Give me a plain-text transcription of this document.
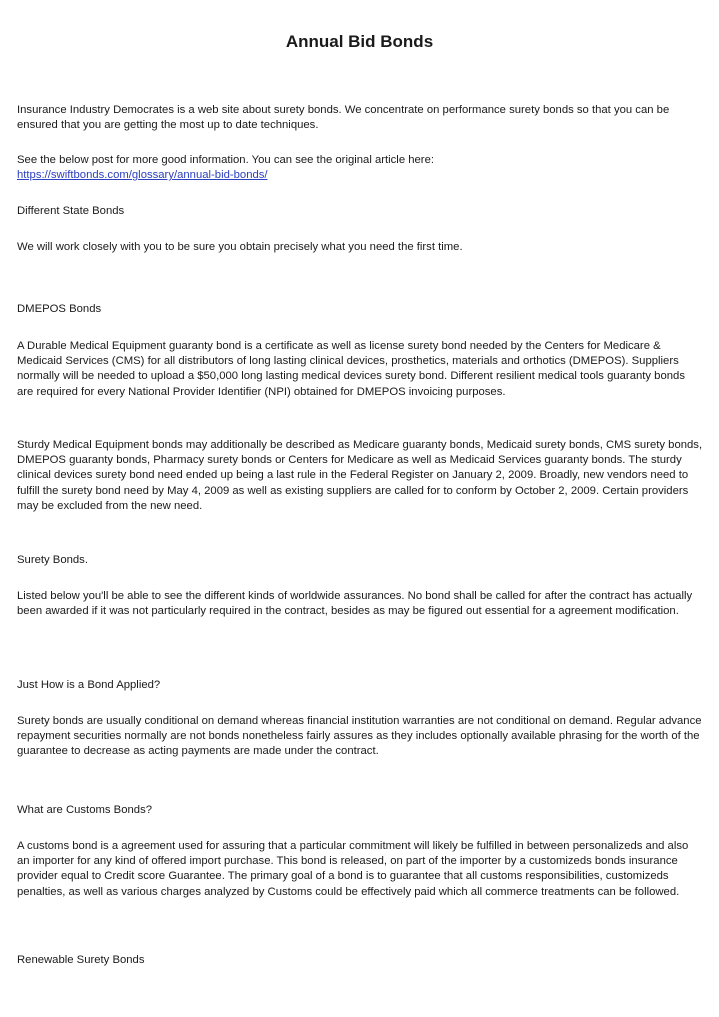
Annual Bid Bonds

Insurance Industry Democrates is a web site about surety bonds. We concentrate on performance surety bonds so that you can be ensured that you are getting the most up to date techniques.

See the below post for more good information. You can see the original article here:
https://swiftbonds.com/glossary/annual-bid-bonds/

Different State Bonds

We will work closely with you to be sure you obtain precisely what you need the first time.

DMEPOS Bonds

A Durable Medical Equipment guaranty bond is a certificate as well as license surety bond needed by the Centers for Medicare & Medicaid Services (CMS) for all distributors of long lasting clinical devices, prosthetics, materials and orthotics (DMEPOS). Suppliers normally will be needed to upload a $50,000 long lasting medical devices surety bond. Different resilient medical tools guaranty bonds are required for every National Provider Identifier (NPI) obtained for DMEPOS invoicing purposes.

Sturdy Medical Equipment bonds may additionally be described as Medicare guaranty bonds, Medicaid surety bonds, CMS surety bonds, DMEPOS guaranty bonds, Pharmacy surety bonds or Centers for Medicare as well as Medicaid Services guaranty bonds. The sturdy clinical devices surety bond need ended up being a last rule in the Federal Register on January 2, 2009. Broadly, new vendors need to fulfill the surety bond need by May 4, 2009 as well as existing suppliers are called for to conform by October 2, 2009. Certain providers may be excluded from the new need.

Surety Bonds.

Listed below you'll be able to see the different kinds of worldwide assurances. No bond shall be called for after the contract has actually been awarded if it was not particularly required in the contract, besides as may be figured out essential for a agreement modification.

Just How is a Bond Applied?

Surety bonds are usually conditional on demand whereas financial institution warranties are not conditional on demand. Regular advance repayment securities normally are not bonds nonetheless fairly assures as they includes optionally available phrasing for the worth of the guarantee to decrease as acting payments are made under the contract.

What are Customs Bonds?

A customs bond is a agreement used for assuring that a particular commitment will likely be fulfilled in between personalizeds and also an importer for any kind of offered import purchase. This bond is released, on part of the importer by a customizeds bonds insurance provider equal to Credit score Guarantee. The primary goal of a bond is to guarantee that all customs responsibilities, customizeds penalties, as well as various charges analyzed by Customs could be effectively paid which all commerce treatments can be followed.

Renewable Surety Bonds
